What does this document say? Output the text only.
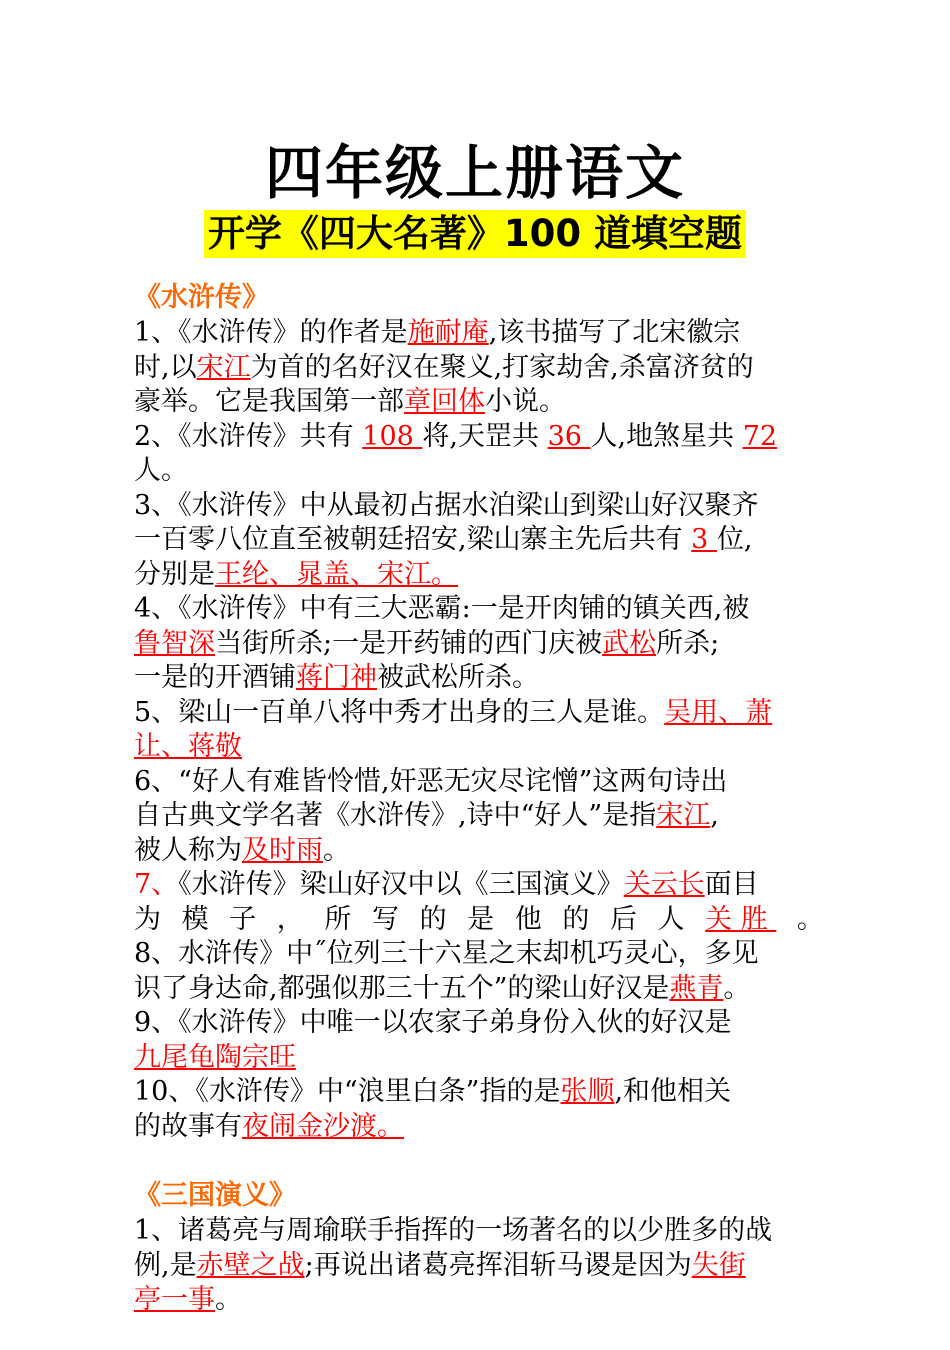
四年级上册语文
开学《四大名著》100 道填空题
《水浒传》
1、《水浒传》的作者是施耐庵,该书描写了北宋徽宗
时,以宋江为首的名好汉在聚义,打家劫舍,杀富济贫的
豪举。它是我国第一部章回体小说。
2、《水浒传》共有 108 将,天罡共 36 人,地煞星共 72
人。
3、《水浒传》中从最初占据水泊梁山到梁山好汉聚齐
一百零八位直至被朝廷招安,梁山寨主先后共有 3 位,
分别是王纶、晁盖、宋江。
4、《水浒传》中有三大恶霸:一是开肉铺的镇关西,被
鲁智深当街所杀;一是开药铺的西门庆被武松所杀;
一是的开酒铺蒋门神被武松所杀。
5、梁山一百单八将中秀才出身的三人是谁。吴用、萧
让、蒋敬
6、“好人有难皆怜惜,奸恶无灾尽诧憎”这两句诗出
自古典文学名著《水浒传》,诗中“好人”是指宋江,
被人称为及时雨。
7、《水浒传》梁山好汉中以《三国演义》关云长面目
为 模 子 ， 所 写 的 是 他 的 后 人 关 胜 。
8、水浒传》中˝位列三十六星之末却机巧灵心，多见
识了身达命,都强似那三十五个”的梁山好汉是燕青。
9、《水浒传》中唯一以农家子弟身份入伙的好汉是
九尾龟陶宗旺
10、《水浒传》中“浪里白条”指的是张顺,和他相关
的故事有夜闹金沙渡。
《三国演义》
1、诸葛亮与周瑜联手指挥的一场著名的以少胜多的战
例,是赤壁之战;再说出诸葛亮挥泪斩马谡是因为失街
亭一事。
